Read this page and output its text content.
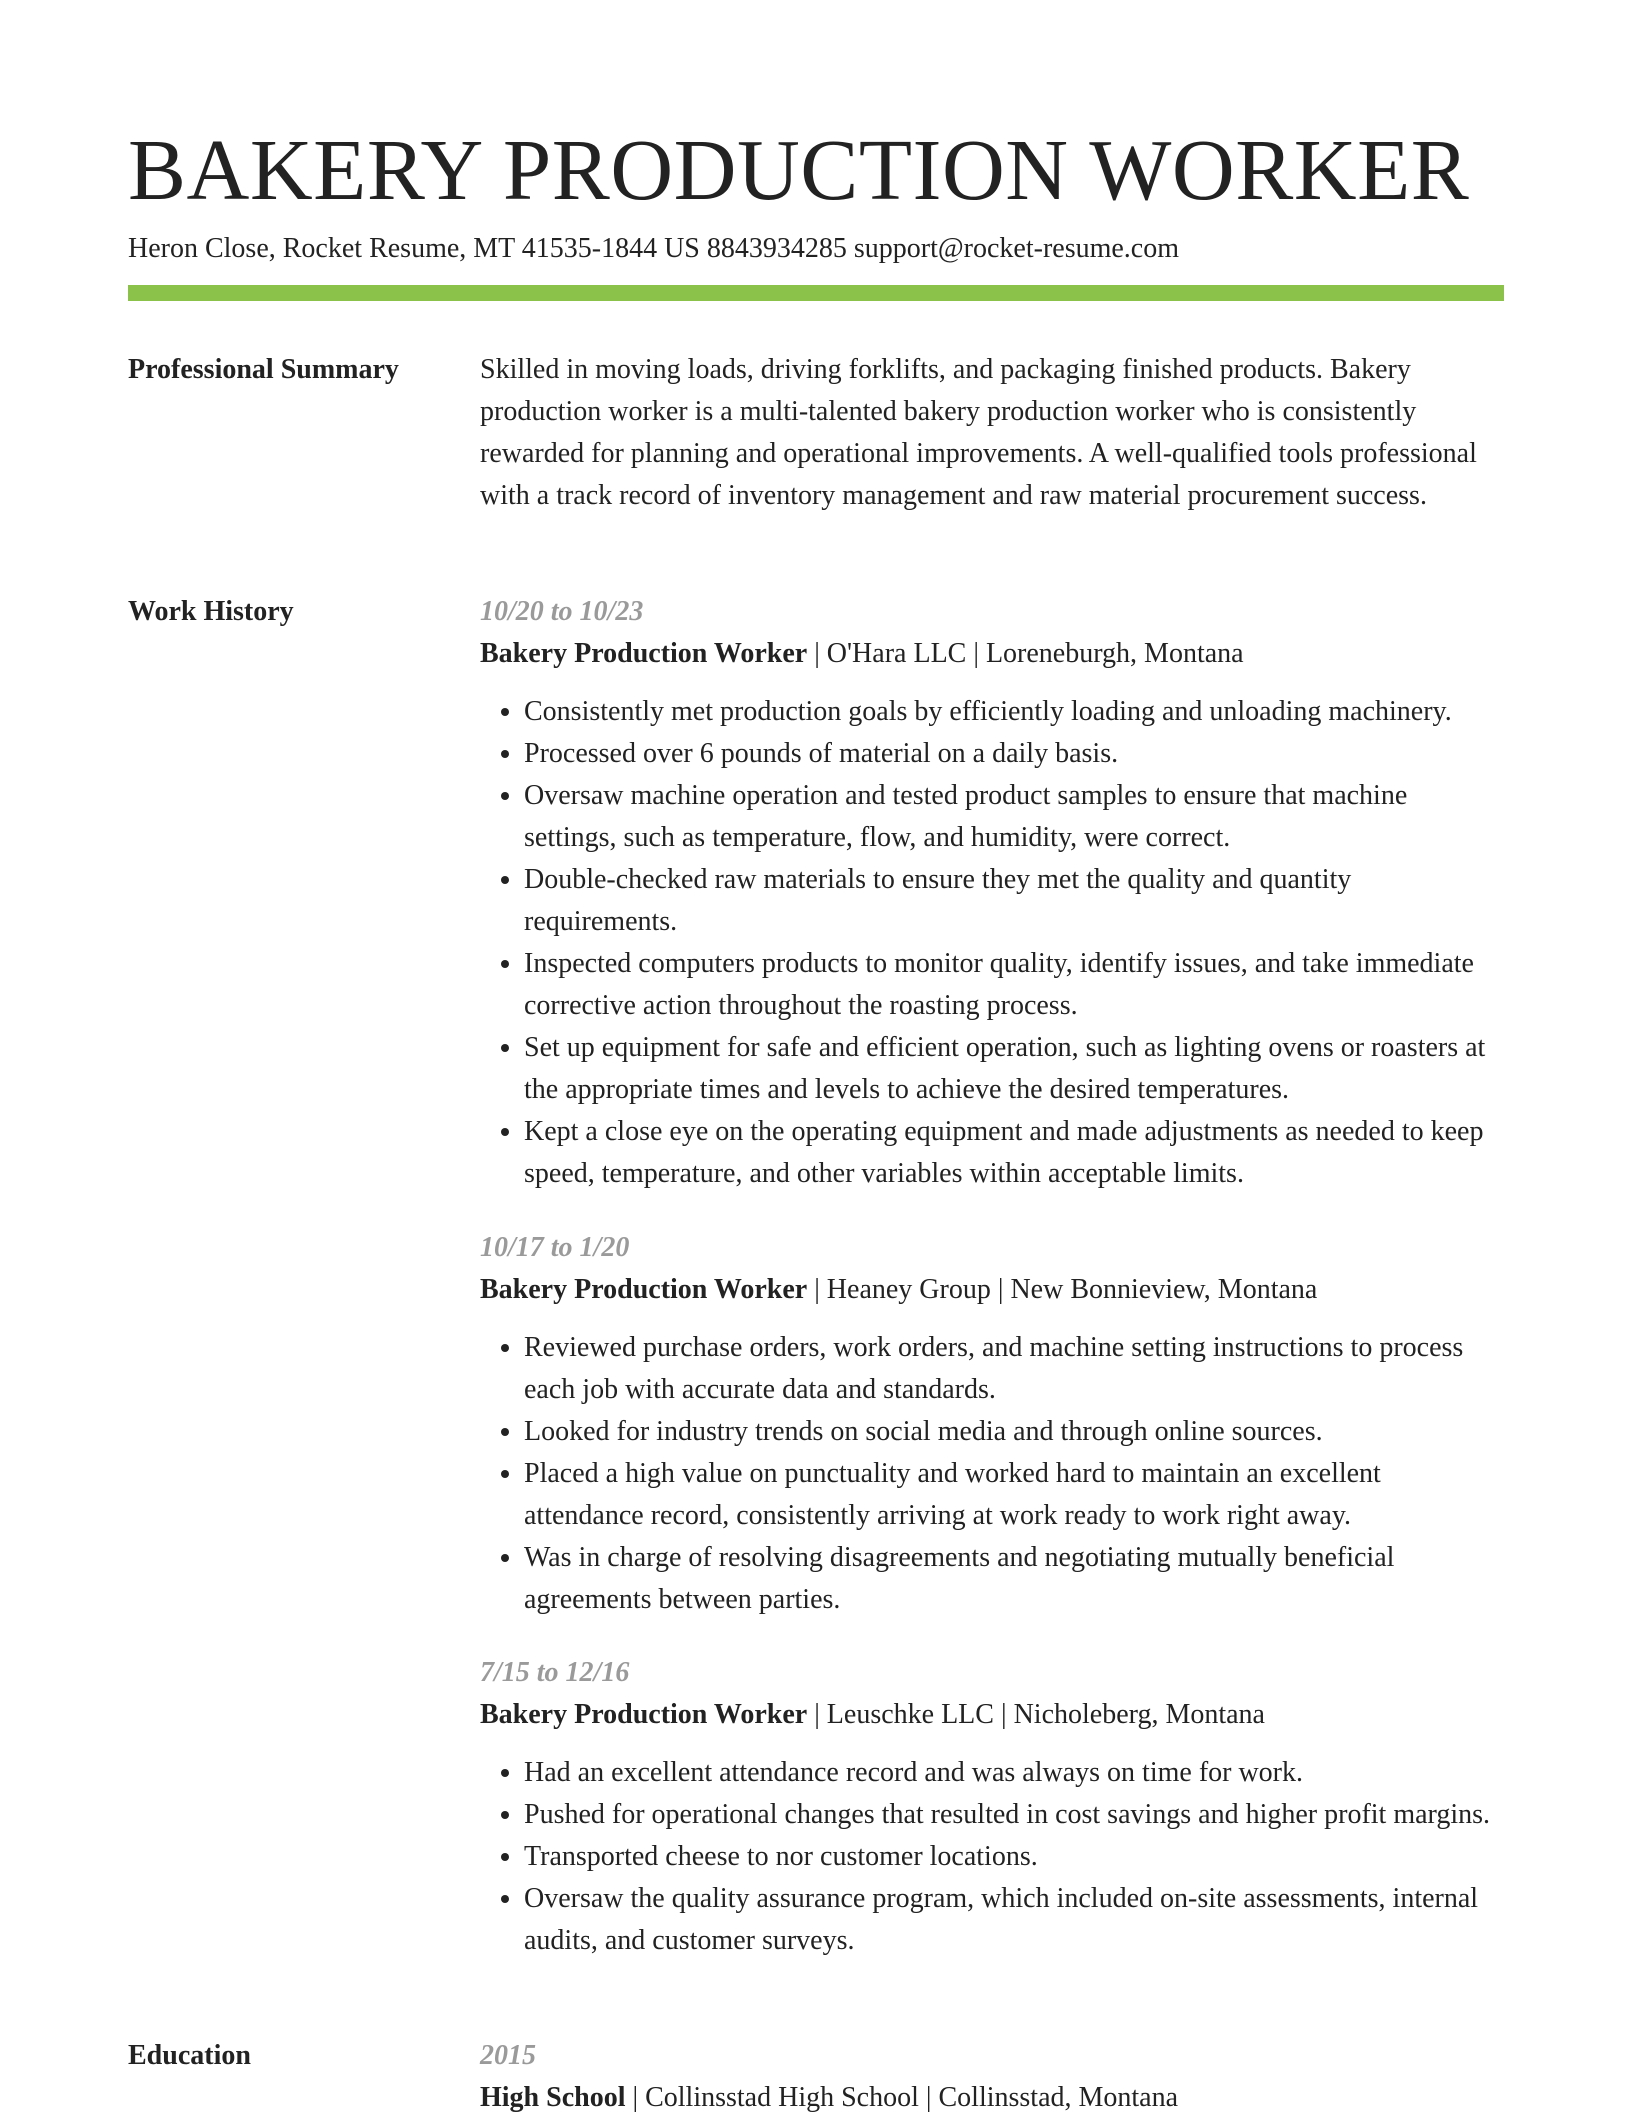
BAKERY PRODUCTION WORKER
Heron Close, Rocket Resume, MT 41535-1844 US 8843934285 support@rocket-resume.com
Professional Summary	Skilled in moving loads, driving forklifts, and packaging finished products. Bakery production worker is a multi-talented bakery production worker who is consistently rewarded for planning and operational improvements. A well-qualified tools professional with a track record of inventory management and raw material procurement success.

Work History	10/20 to 10/23
Bakery Production Worker | O'Hara LLC | Loreneburgh, Montana
• Consistently met production goals by efficiently loading and unloading machinery.
• Processed over 6 pounds of material on a daily basis.
• Oversaw machine operation and tested product samples to ensure that machine settings, such as temperature, flow, and humidity, were correct.
• Double-checked raw materials to ensure they met the quality and quantity requirements.
• Inspected computers products to monitor quality, identify issues, and take immediate corrective action throughout the roasting process.
• Set up equipment for safe and efficient operation, such as lighting ovens or roasters at the appropriate times and levels to achieve the desired temperatures.
• Kept a close eye on the operating equipment and made adjustments as needed to keep speed, temperature, and other variables within acceptable limits.
10/17 to 1/20
Bakery Production Worker | Heaney Group | New Bonnieview, Montana
• Reviewed purchase orders, work orders, and machine setting instructions to process each job with accurate data and standards.
• Looked for industry trends on social media and through online sources.
• Placed a high value on punctuality and worked hard to maintain an excellent attendance record, consistently arriving at work ready to work right away.
• Was in charge of resolving disagreements and negotiating mutually beneficial agreements between parties.
7/15 to 12/16
Bakery Production Worker | Leuschke LLC | Nicholeberg, Montana
• Had an excellent attendance record and was always on time for work.
• Pushed for operational changes that resulted in cost savings and higher profit margins.
• Transported cheese to nor customer locations.
• Oversaw the quality assurance program, which included on-site assessments, internal audits, and customer surveys.
Education	2015
High School | Collinsstad High School | Collinsstad, Montana
